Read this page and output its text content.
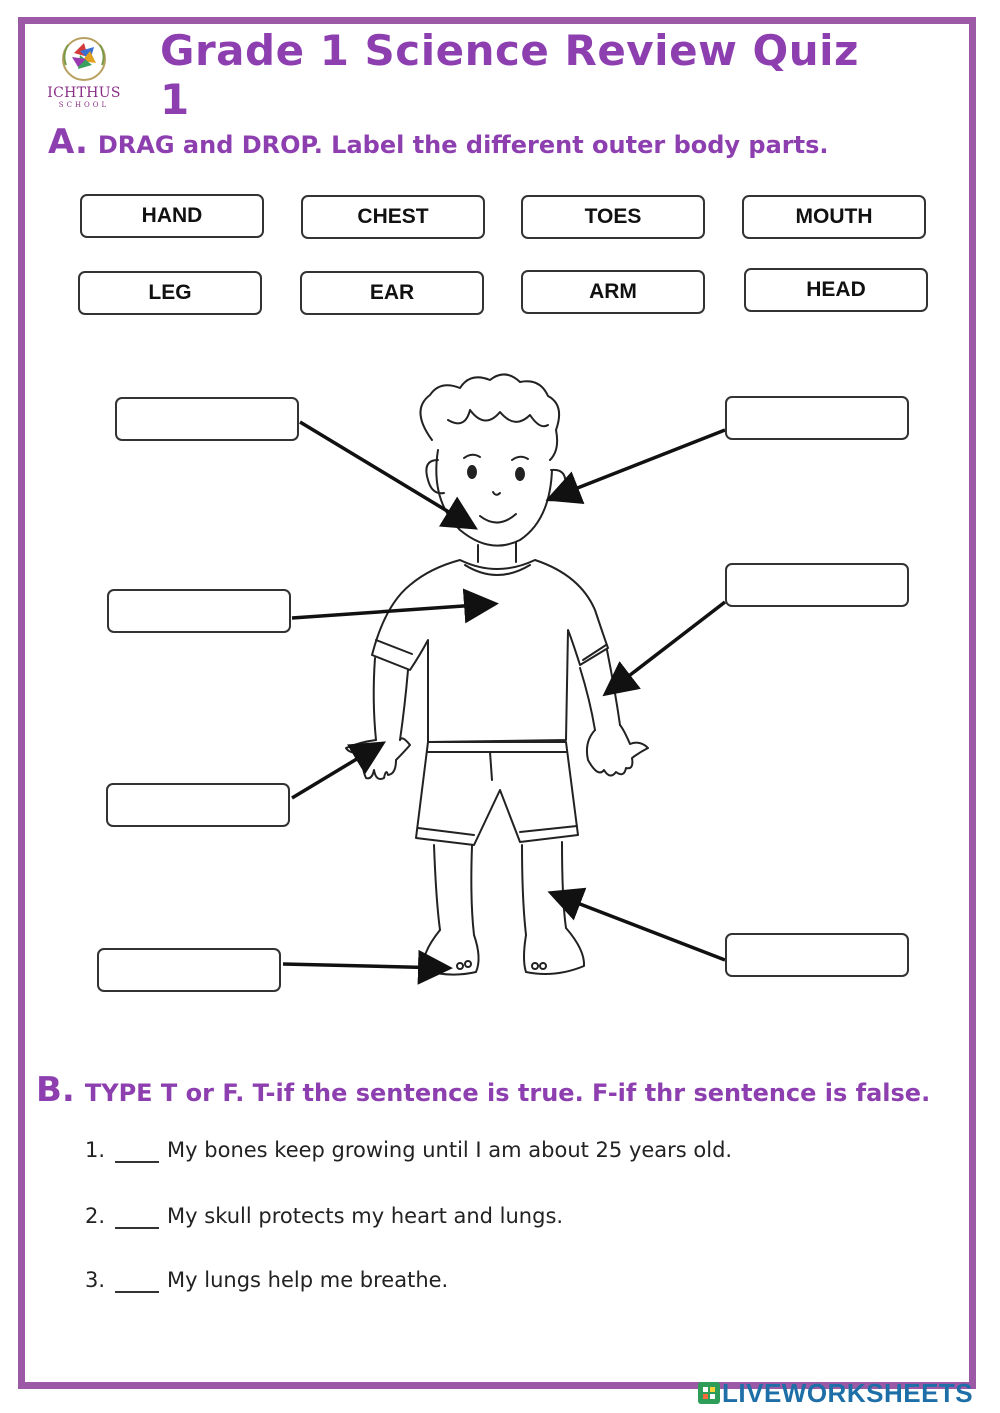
ICHTHUS
SCHOOL
Grade 1 Science Review Quiz 1
A. DRAG and DROP. Label the different outer body parts.
HAND	CHEST	TOES	MOUTH
LEG	EAR	ARM	HEAD
B. TYPE T or F. T-if the sentence is true. F-if thr sentence is false.
1.	My bones keep growing until I am about 25 years old.
2.	My skull protects my heart and lungs.
3.	My lungs help me breathe.
LIVEWORKSHEETS
